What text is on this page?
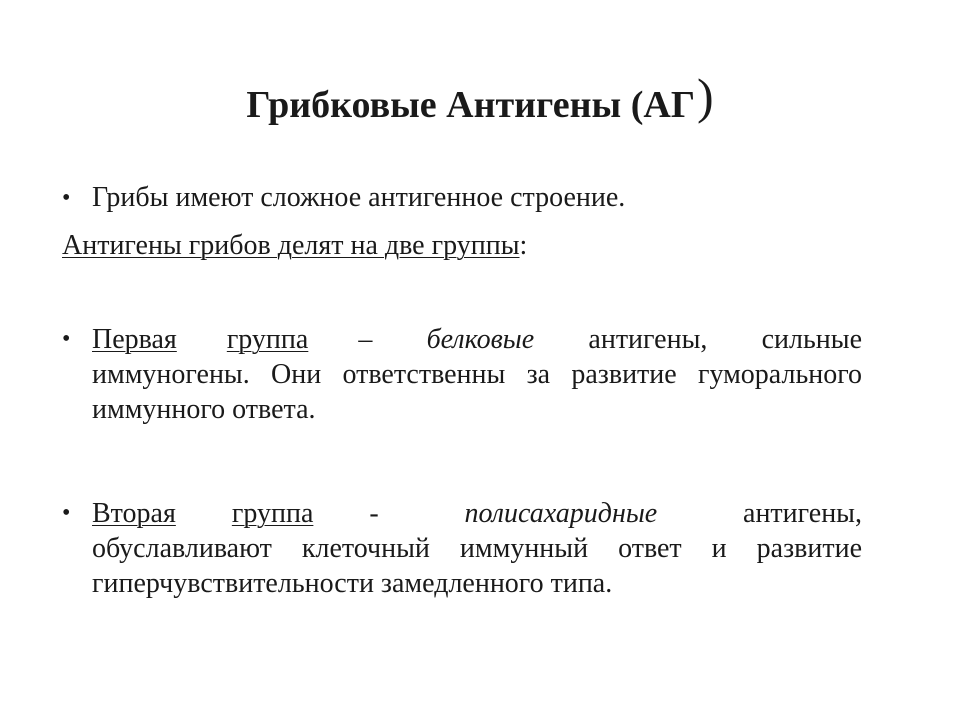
Грибковые Антигены (АГ)
• Грибы имеют сложное антигенное строение.
Антигены грибов делят на две группы:
• Первая группа – белковые антигены, сильные иммуногены. Они ответственны за развитие гуморального иммунного ответа.
• Вторая группа -	полисахаридные	антигены, обуславливают клеточный иммунный ответ и развитие гиперчувствительности замедленного типа.
